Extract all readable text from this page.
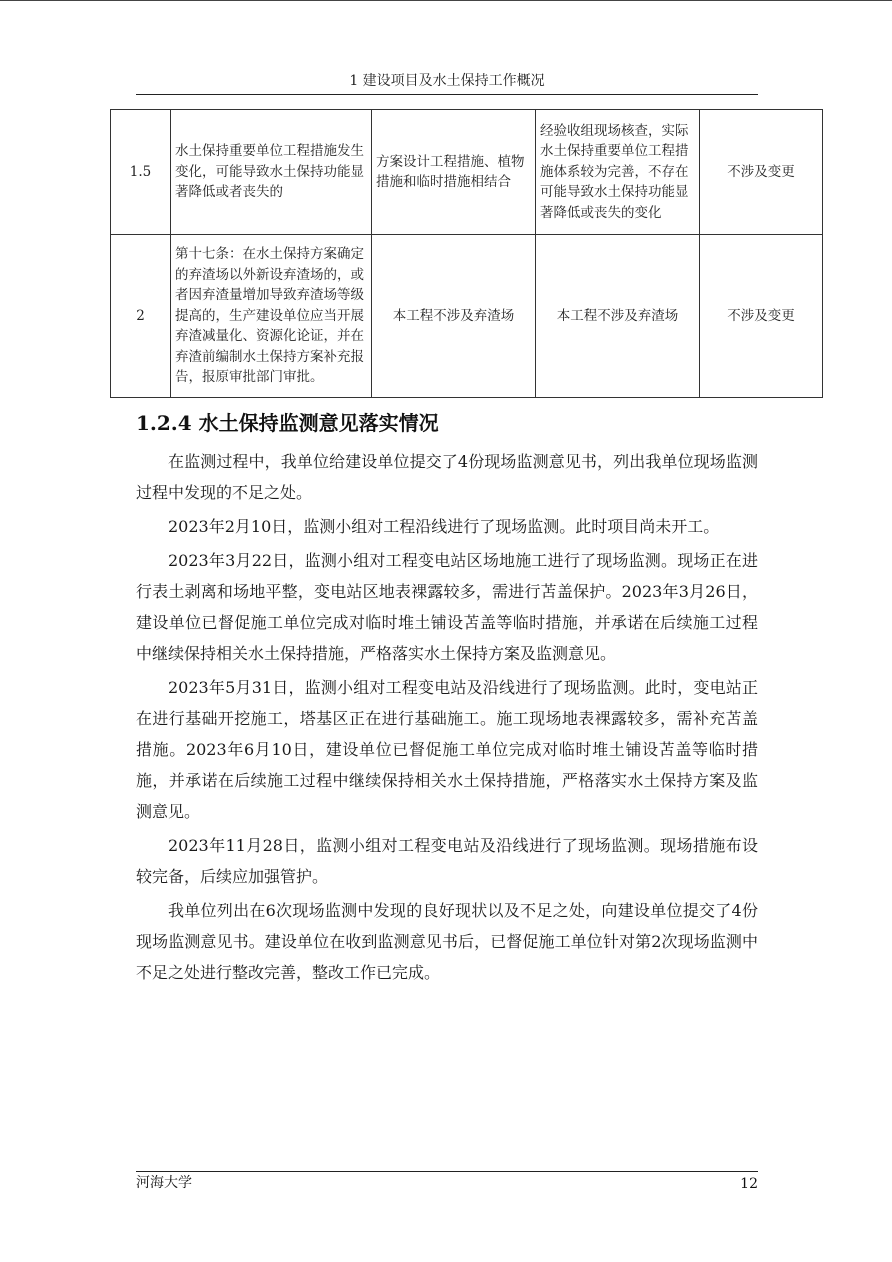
1 建设项目及水土保持工作概况
1.5	水土保持重要单位工程措施发生变化，可能导致水土保持功能显著降低或者丧失的	方案设计工程措施、植物措施和临时措施相结合	经验收组现场核查，实际水土保持重要单位工程措施体系较为完善，不存在可能导致水土保持功能显著降低或丧失的变化	不涉及变更
2	第十七条：在水土保持方案确定的弃渣场以外新设弃渣场的，或者因弃渣量增加导致弃渣场等级提高的，生产建设单位应当开展弃渣减量化、资源化论证，并在弃渣前编制水土保持方案补充报告，报原审批部门审批。	本工程不涉及弃渣场	本工程不涉及弃渣场	不涉及变更
1.2.4 水土保持监测意见落实情况

在监测过程中，我单位给建设单位提交了4份现场监测意见书，列出我单位现场监测过程中发现的不足之处。

2023年2月10日，监测小组对工程沿线进行了现场监测。此时项目尚未开工。

2023年3月22日，监测小组对工程变电站区场地施工进行了现场监测。现场正在进行表土剥离和场地平整，变电站区地表裸露较多，需进行苫盖保护。2023年3月26日，建设单位已督促施工单位完成对临时堆土铺设苫盖等临时措施，并承诺在后续施工过程中继续保持相关水土保持措施，严格落实水土保持方案及监测意见。

2023年5月31日，监测小组对工程变电站及沿线进行了现场监测。此时，变电站正在进行基础开挖施工，塔基区正在进行基础施工。施工现场地表裸露较多，需补充苫盖措施。2023年6月10日，建设单位已督促施工单位完成对临时堆土铺设苫盖等临时措施，并承诺在后续施工过程中继续保持相关水土保持措施，严格落实水土保持方案及监测意见。

2023年11月28日，监测小组对工程变电站及沿线进行了现场监测。现场措施布设较完备，后续应加强管护。

我单位列出在6次现场监测中发现的良好现状以及不足之处，向建设单位提交了4份现场监测意见书。建设单位在收到监测意见书后，已督促施工单位针对第2次现场监测中不足之处进行整改完善，整改工作已完成。

河海大学	12
